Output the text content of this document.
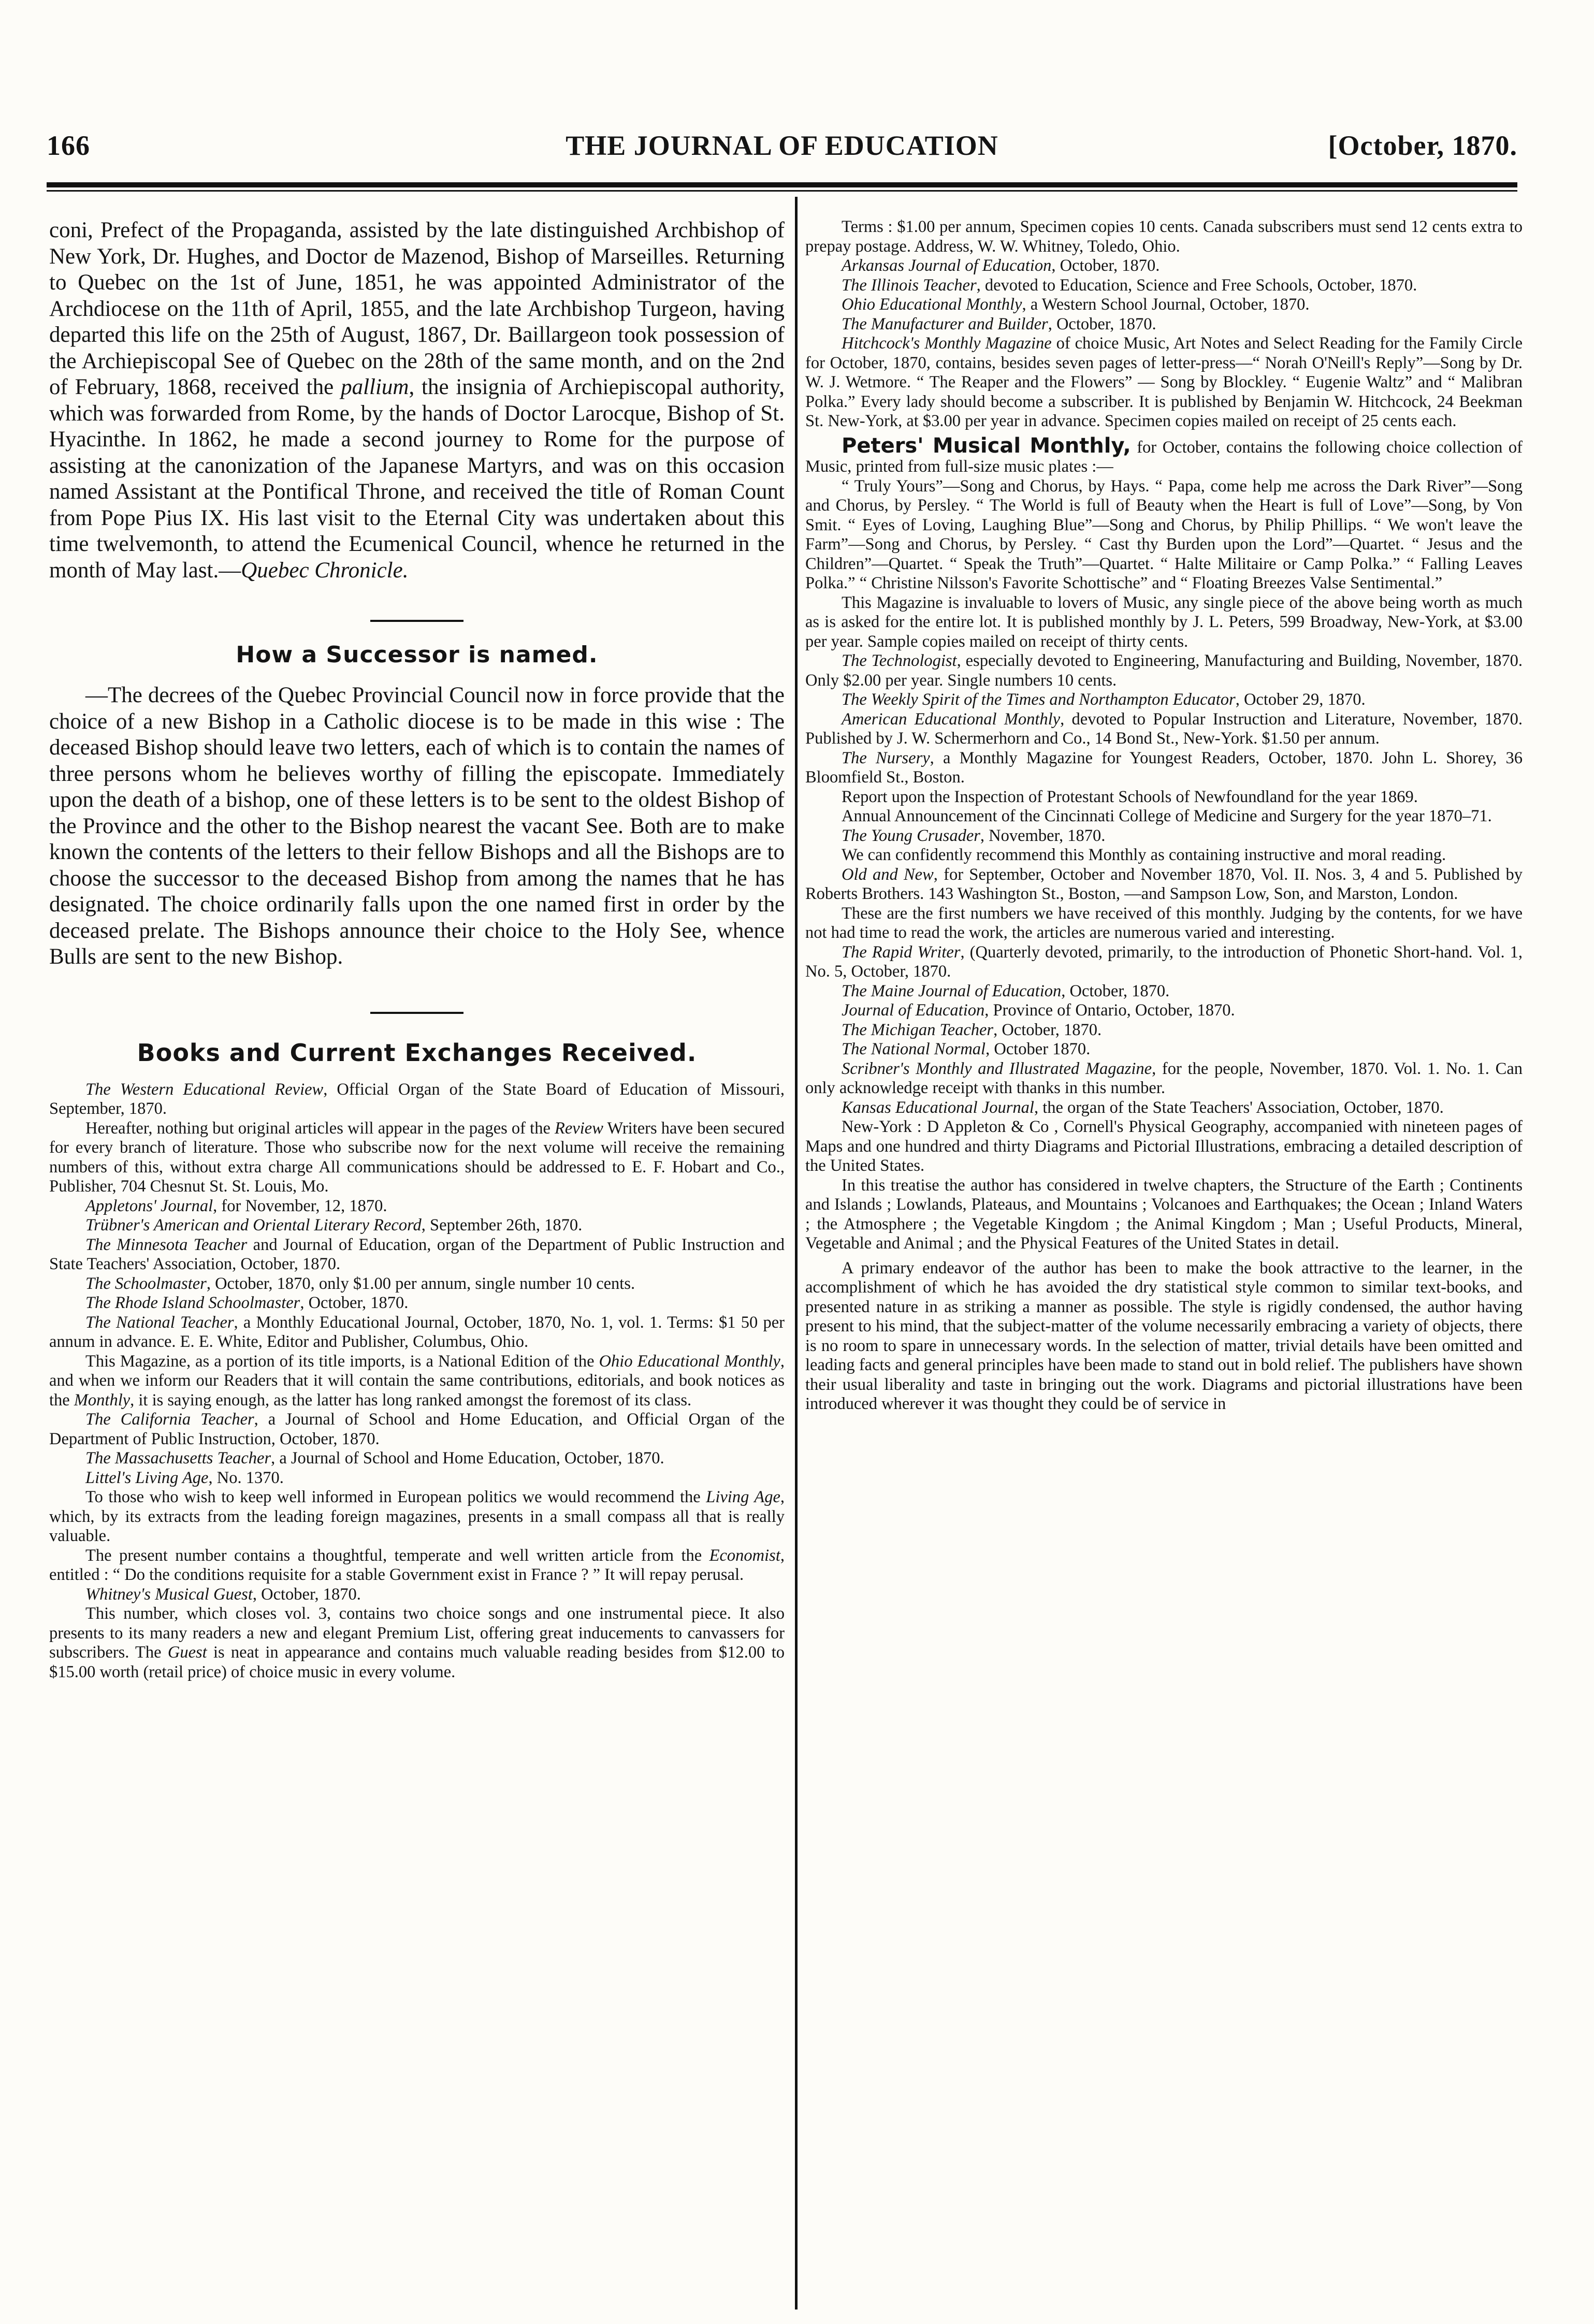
166	THE JOURNAL OF EDUCATION	[October, 1870.

coni, Prefect of the Propaganda, assisted by the late distinguished Archbishop of New York, Dr. Hughes, and Doctor de Mazenod, Bishop of Marseilles. Returning to Quebec on the 1st of June, 1851, he was appointed Administrator of the Archdiocese on the 11th of April, 1855, and the late Archbishop Turgeon, having departed this life on the 25th of August, 1867, Dr. Baillargeon took possession of the Archiepiscopal See of Quebec on the 28th of the same month, and on the 2nd of February, 1868, received the pallium, the insignia of Archiepiscopal authority, which was forwarded from Rome, by the hands of Doctor Larocque, Bishop of St. Hyacinthe. In 1862, he made a second journey to Rome for the purpose of assisting at the canonization of the Japanese Martyrs, and was on this occasion named Assistant at the Pontifical Throne, and received the title of Roman Count from Pope Pius IX. His last visit to the Eternal City was undertaken about this time twelvemonth, to attend the Ecumenical Council, whence he returned in the month of May last.—Quebec Chronicle.

How a Successor is named.

—The decrees of the Quebec Provincial Council now in force provide that the choice of a new Bishop in a Catholic diocese is to be made in this wise : The deceased Bishop should leave two letters, each of which is to contain the names of three persons whom he believes worthy of filling the episcopate. Immediately upon the death of a bishop, one of these letters is to be sent to the oldest Bishop of the Province and the other to the Bishop nearest the vacant See. Both are to make known the contents of the letters to their fellow Bishops and all the Bishops are to choose the successor to the deceased Bishop from among the names that he has designated. The choice ordinarily falls upon the one named first in order by the deceased prelate. The Bishops announce their choice to the Holy See, whence Bulls are sent to the new Bishop.

Books and Current Exchanges Received.

The Western Educational Review, Official Organ of the State Board of Education of Missouri, September, 1870.

Hereafter, nothing but original articles will appear in the pages of the Review Writers have been secured for every branch of literature. Those who subscribe now for the next volume will receive the remaining numbers of this, without extra charge All communications should be addressed to E. F. Hobart and Co., Publisher, 704 Chesnut St. St. Louis, Mo.

Appletons' Journal, for November, 12, 1870.

Trübner's American and Oriental Literary Record, September 26th, 1870.

The Minnesota Teacher and Journal of Education, organ of the Department of Public Instruction and State Teachers' Association, October, 1870.

The Schoolmaster, October, 1870, only $1.00 per annum, single number 10 cents.

The Rhode Island Schoolmaster, October, 1870.

The National Teacher, a Monthly Educational Journal, October, 1870, No. 1, vol. 1. Terms: $1 50 per annum in advance. E. E. White, Editor and Publisher, Columbus, Ohio.

This Magazine, as a portion of its title imports, is a National Edition of the Ohio Educational Monthly, and when we inform our Readers that it will contain the same contributions, editorials, and book notices as the Monthly, it is saying enough, as the latter has long ranked amongst the foremost of its class.

The California Teacher, a Journal of School and Home Education, and Official Organ of the Department of Public Instruction, October, 1870.

The Massachusetts Teacher, a Journal of School and Home Education, October, 1870.

Littel's Living Age, No. 1370.

To those who wish to keep well informed in European politics we would recommend the Living Age, which, by its extracts from the leading foreign magazines, presents in a small compass all that is really valuable.

The present number contains a thoughtful, temperate and well written article from the Economist, entitled : “ Do the conditions requisite for a stable Government exist in France ? ” It will repay perusal.

Whitney's Musical Guest, October, 1870.

This number, which closes vol. 3, contains two choice songs and one instrumental piece. It also presents to its many readers a new and elegant Premium List, offering great inducements to canvassers for subscribers. The Guest is neat in appearance and contains much valuable reading besides from $12.00 to $15.00 worth (retail price) of choice music in every volume.

Terms : $1.00 per annum, Specimen copies 10 cents. Canada subscribers must send 12 cents extra to prepay postage. Address, W. W. Whitney, Toledo, Ohio.

Arkansas Journal of Education, October, 1870.

The Illinois Teacher, devoted to Education, Science and Free Schools, October, 1870.

Ohio Educational Monthly, a Western School Journal, October, 1870.

The Manufacturer and Builder, October, 1870.

Hitchcock's Monthly Magazine of choice Music, Art Notes and Select Reading for the Family Circle for October, 1870, contains, besides seven pages of letter-press—“ Norah O'Neill's Reply”—Song by Dr. W. J. Wetmore. “ The Reaper and the Flowers” — Song by Blockley. “ Eugenie Waltz” and “ Malibran Polka.” Every lady should become a subscriber. It is published by Benjamin W. Hitchcock, 24 Beekman St. New-York, at $3.00 per year in advance. Specimen copies mailed on receipt of 25 cents each.

Peters' Musical Monthly, for October, contains the following choice collection of Music, printed from full-size music plates :—

“ Truly Yours”—Song and Chorus, by Hays. “ Papa, come help me across the Dark River”—Song and Chorus, by Persley. “ The World is full of Beauty when the Heart is full of Love”—Song, by Von Smit. “ Eyes of Loving, Laughing Blue”—Song and Chorus, by Philip Phillips. “ We won't leave the Farm”—Song and Chorus, by Persley. “ Cast thy Burden upon the Lord”—Quartet. “ Jesus and the Children”—Quartet. “ Speak the Truth”—Quartet. “ Halte Militaire or Camp Polka.” “ Falling Leaves Polka.” “ Christine Nilsson's Favorite Schottische” and “ Floating Breezes Valse Sentimental.”

This Magazine is invaluable to lovers of Music, any single piece of the above being worth as much as is asked for the entire lot. It is published monthly by J. L. Peters, 599 Broadway, New-York, at $3.00 per year. Sample copies mailed on receipt of thirty cents.

The Technologist, especially devoted to Engineering, Manufacturing and Building, November, 1870. Only $2.00 per year. Single numbers 10 cents.

The Weekly Spirit of the Times and Northampton Educator, October 29, 1870.

American Educational Monthly, devoted to Popular Instruction and Literature, November, 1870. Published by J. W. Schermerhorn and Co., 14 Bond St., New-York. $1.50 per annum.

The Nursery, a Monthly Magazine for Youngest Readers, October, 1870. John L. Shorey, 36 Bloomfield St., Boston.

Report upon the Inspection of Protestant Schools of Newfoundland for the year 1869.

Annual Announcement of the Cincinnati College of Medicine and Surgery for the year 1870–71.

The Young Crusader, November, 1870.

We can confidently recommend this Monthly as containing instructive and moral reading.

Old and New, for September, October and November 1870, Vol. II. Nos. 3, 4 and 5. Published by Roberts Brothers. 143 Washington St., Boston, —and Sampson Low, Son, and Marston, London.

These are the first numbers we have received of this monthly. Judging by the contents, for we have not had time to read the work, the articles are numerous varied and interesting.

The Rapid Writer, (Quarterly devoted, primarily, to the introduction of Phonetic Short-hand. Vol. 1, No. 5, October, 1870.

The Maine Journal of Education, October, 1870.

Journal of Education, Province of Ontario, October, 1870.

The Michigan Teacher, October, 1870.

The National Normal, October 1870.

Scribner's Monthly and Illustrated Magazine, for the people, November, 1870. Vol. 1. No. 1. Can only acknowledge receipt with thanks in this number.

Kansas Educational Journal, the organ of the State Teachers' Association, October, 1870.

New-York : D Appleton & Co , Cornell's Physical Geography, accompanied with nineteen pages of Maps and one hundred and thirty Diagrams and Pictorial Illustrations, embracing a detailed description of the United States.

In this treatise the author has considered in twelve chapters, the Structure of the Earth ; Continents and Islands ; Lowlands, Plateaus, and Mountains ; Volcanoes and Earthquakes; the Ocean ; Inland Waters ; the Atmosphere ; the Vegetable Kingdom ; the Animal Kingdom ; Man ; Useful Products, Mineral, Vegetable and Animal ; and the Physical Features of the United States in detail.

A primary endeavor of the author has been to make the book attractive to the learner, in the accomplishment of which he has avoided the dry statistical style common to similar text-books, and presented nature in as striking a manner as possible. The style is rigidly condensed, the author having present to his mind, that the subject-matter of the volume necessarily embracing a variety of objects, there is no room to spare in unnecessary words. In the selection of matter, trivial details have been omitted and leading facts and general principles have been made to stand out in bold relief. The publishers have shown their usual liberality and taste in bringing out the work. Diagrams and pictorial illustrations have been introduced wherever it was thought they could be of service in
